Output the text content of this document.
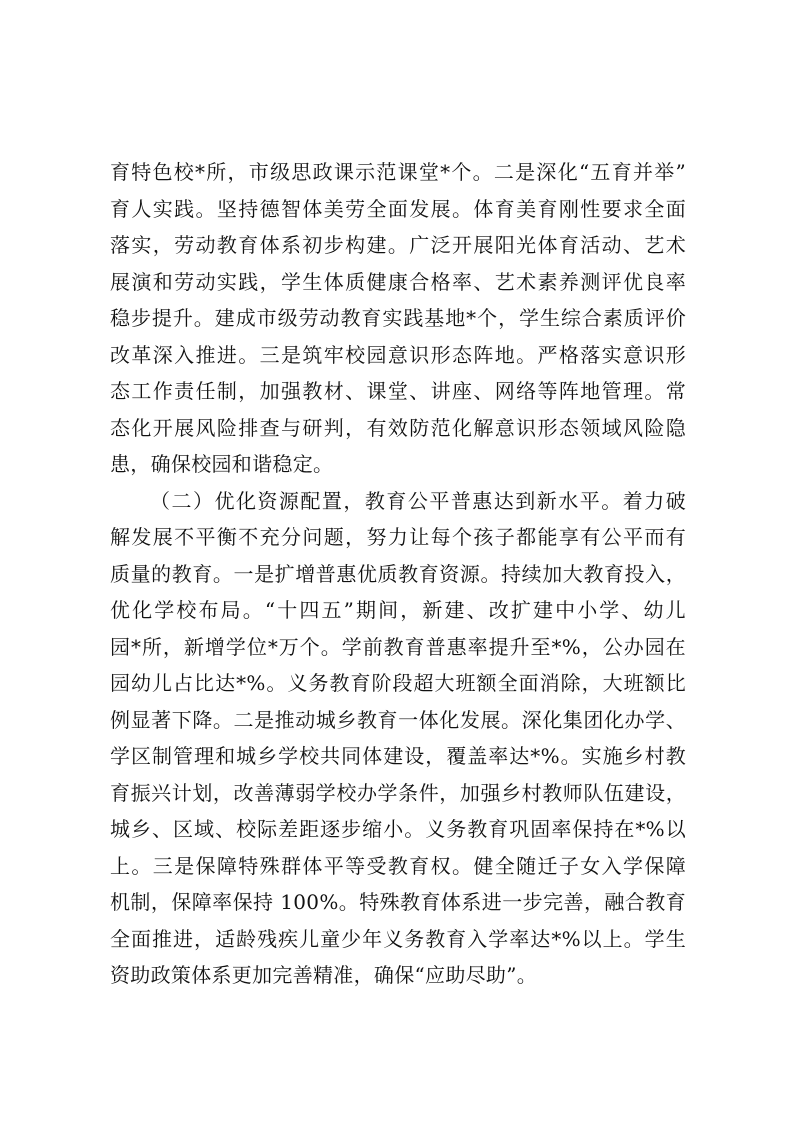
育特色校*所，市级思政课示范课堂*个。二是深化“五育并举”
育人实践。坚持德智体美劳全面发展。体育美育刚性要求全面
落实，劳动教育体系初步构建。广泛开展阳光体育活动、艺术
展演和劳动实践，学生体质健康合格率、艺术素养测评优良率
稳步提升。建成市级劳动教育实践基地*个，学生综合素质评价
改革深入推进。三是筑牢校园意识形态阵地。严格落实意识形
态工作责任制，加强教材、课堂、讲座、网络等阵地管理。常
态化开展风险排查与研判，有效防范化解意识形态领域风险隐
患，确保校园和谐稳定。
（二）优化资源配置，教育公平普惠达到新水平。着力破
解发展不平衡不充分问题，努力让每个孩子都能享有公平而有
质量的教育。一是扩增普惠优质教育资源。持续加大教育投入，
优化学校布局。“十四五”期间，新建、改扩建中小学、幼儿
园*所，新增学位*万个。学前教育普惠率提升至*%，公办园在
园幼儿占比达*%。义务教育阶段超大班额全面消除，大班额比
例显著下降。二是推动城乡教育一体化发展。深化集团化办学、
学区制管理和城乡学校共同体建设，覆盖率达*%。实施乡村教
育振兴计划，改善薄弱学校办学条件，加强乡村教师队伍建设，
城乡、区域、校际差距逐步缩小。义务教育巩固率保持在*%以
上。三是保障特殊群体平等受教育权。健全随迁子女入学保障
机制，保障率保持 100%。特殊教育体系进一步完善，融合教育
全面推进，适龄残疾儿童少年义务教育入学率达*%以上。学生
资助政策体系更加完善精准，确保“应助尽助”。
